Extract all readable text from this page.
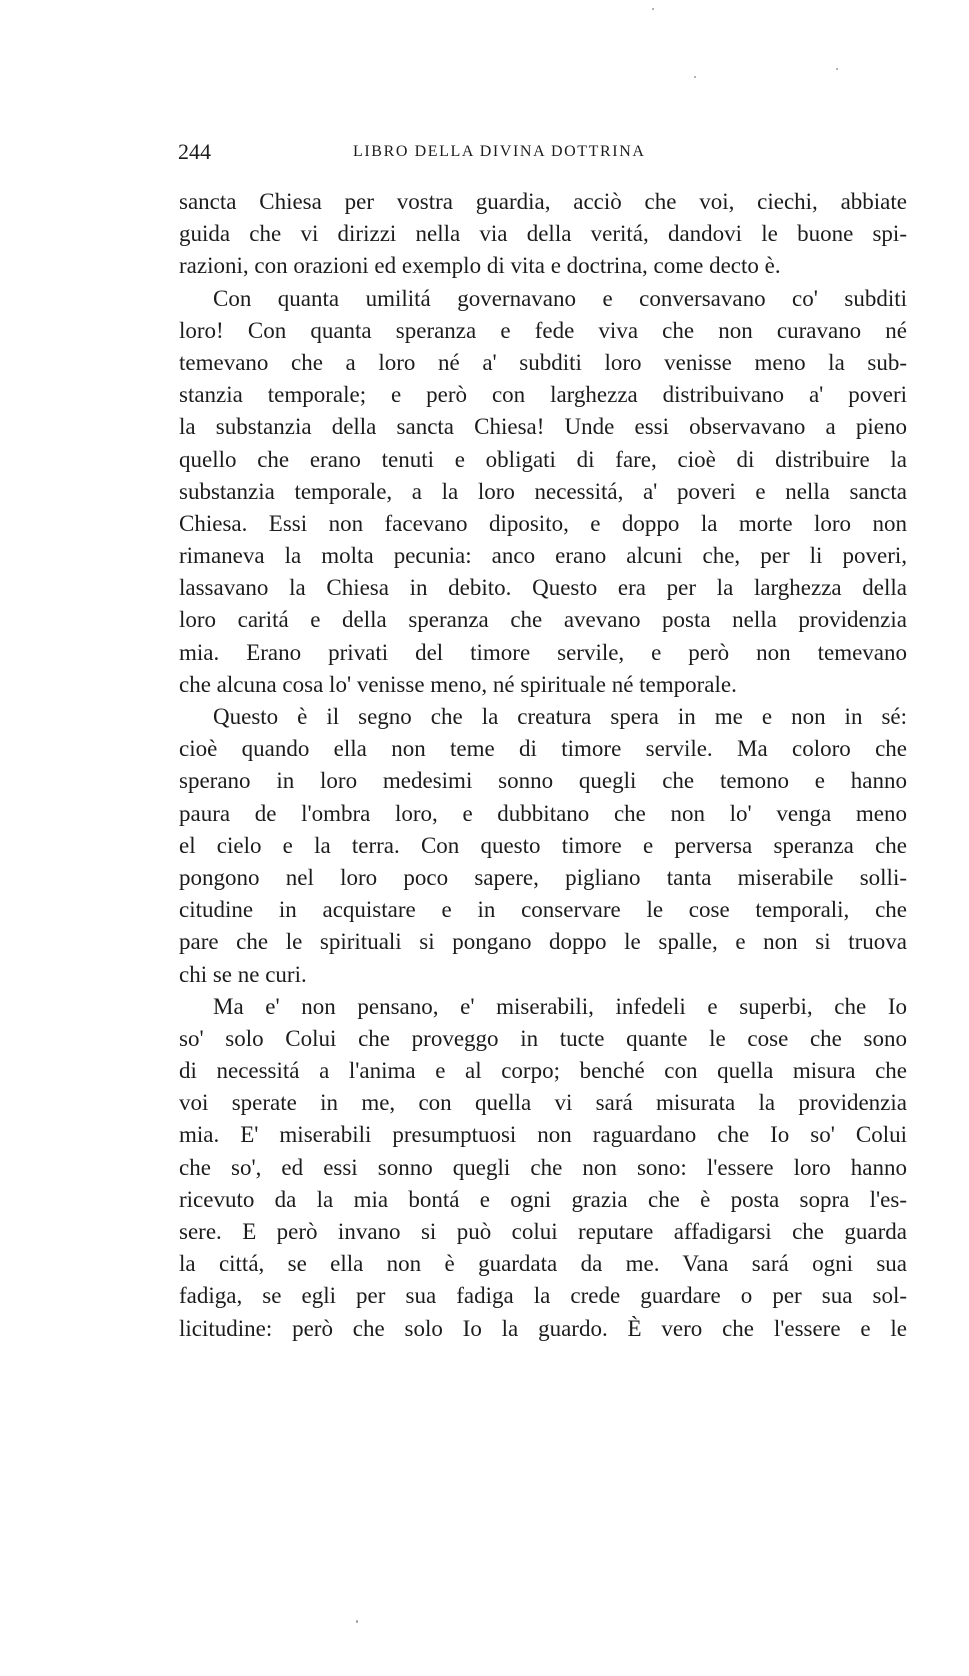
244	LIBRO DELLA DIVINA DOTTRINA
sancta Chiesa per vostra guardia, acciò che voi, ciechi, abbiate
guida che vi dirizzi nella via della veritá, dandovi le buone spi-
razioni, con orazioni ed exemplo di vita e doctrina, come decto è.
Con quanta umilitá governavano e conversavano co' subditi
loro! Con quanta speranza e fede viva che non curavano né
temevano che a loro né a' subditi loro venisse meno la sub-
stanzia temporale; e però con larghezza distribuivano a' poveri
la substanzia della sancta Chiesa! Unde essi observavano a pieno
quello che erano tenuti e obligati di fare, cioè di distribuire la
substanzia temporale, a la loro necessitá, a' poveri e nella sancta
Chiesa. Essi non facevano diposito, e doppo la morte loro non
rimaneva la molta pecunia: anco erano alcuni che, per li poveri,
lassavano la Chiesa in debito. Questo era per la larghezza della
loro caritá e della speranza che avevano posta nella providenzia
mia. Erano privati del timore servile, e però non temevano
che alcuna cosa lo' venisse meno, né spirituale né temporale.
Questo è il segno che la creatura spera in me e non in sé:
cioè quando ella non teme di timore servile. Ma coloro che
sperano in loro medesimi sonno quegli che temono e hanno
paura de l'ombra loro, e dubbitano che non lo' venga meno
el cielo e la terra. Con questo timore e perversa speranza che
pongono nel loro poco sapere, pigliano tanta miserabile solli-
citudine in acquistare e in conservare le cose temporali, che
pare che le spirituali si pongano doppo le spalle, e non si truova
chi se ne curi.
Ma e' non pensano, e' miserabili, infedeli e superbi, che Io
so' solo Colui che proveggo in tucte quante le cose che sono
di necessitá a l'anima e al corpo; benché con quella misura che
voi sperate in me, con quella vi sará misurata la providenzia
mia. E' miserabili presumptuosi non raguardano che Io so' Colui
che so', ed essi sonno quegli che non sono: l'essere loro hanno
ricevuto da la mia bontá e ogni grazia che è posta sopra l'es-
sere. E però invano si può colui reputare affadigarsi che guarda
la cittá, se ella non è guardata da me. Vana sará ogni sua
fadiga, se egli per sua fadiga la crede guardare o per sua sol-
licitudine: però che solo Io la guardo. È vero che l'essere e le
